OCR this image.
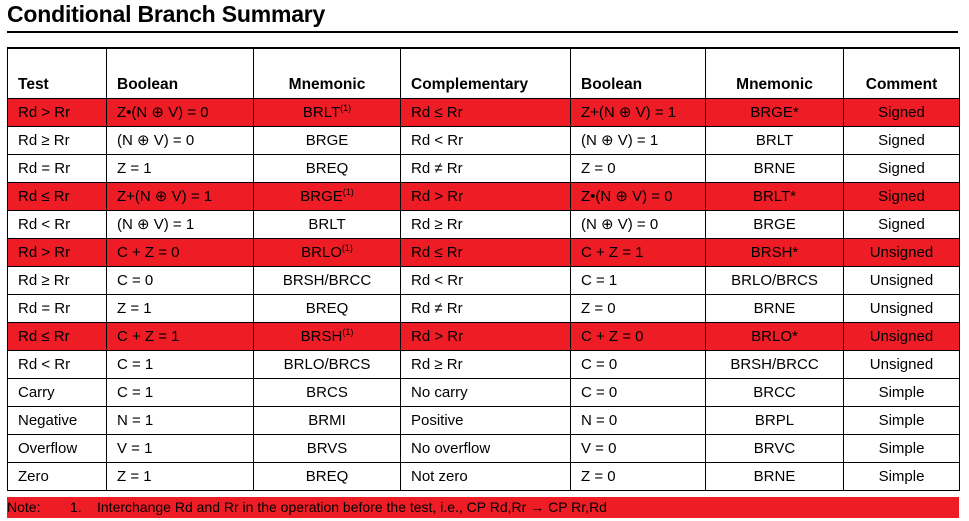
Conditional Branch Summary
Test	Boolean	Mnemonic	Complementary	Boolean	Mnemonic	Comment
Rd > Rr	Z•(N ⊕ V) = 0	BRLT$^{(1)}$	Rd ≤ Rr	Z+(N ⊕ V) = 1	BRGE*	Signed
Rd ≥ Rr	(N ⊕ V) = 0	BRGE	Rd < Rr	(N ⊕ V) = 1	BRLT	Signed
Rd = Rr	Z = 1	BREQ	Rd ≠ Rr	Z = 0	BRNE	Signed
Rd ≤ Rr	Z+(N ⊕ V) = 1	BRGE$^{(1)}$	Rd > Rr	Z•(N ⊕ V) = 0	BRLT*	Signed
Rd < Rr	(N ⊕ V) = 1	BRLT	Rd ≥ Rr	(N ⊕ V) = 0	BRGE	Signed
Rd > Rr	C + Z = 0	BRLO$^{(1)}$	Rd ≤ Rr	C + Z = 1	BRSH*	Unsigned
Rd ≥ Rr	C = 0	BRSH/BRCC	Rd < Rr	C = 1	BRLO/BRCS	Unsigned
Rd = Rr	Z = 1	BREQ	Rd ≠ Rr	Z = 0	BRNE	Unsigned
Rd ≤ Rr	C + Z = 1	BRSH$^{(1)}$	Rd > Rr	C + Z = 0	BRLO*	Unsigned
Rd < Rr	C = 1	BRLO/BRCS	Rd ≥ Rr	C = 0	BRSH/BRCC	Unsigned
Carry	C = 1	BRCS	No carry	C = 0	BRCC	Simple
Negative	N = 1	BRMI	Positive	N = 0	BRPL	Simple
Overflow	V = 1	BRVS	No overflow	V = 0	BRVC	Simple
Zero	Z = 1	BREQ	Not zero	Z = 0	BRNE	Simple
Note: 1. Interchange Rd and Rr in the operation before the test, i.e., CP Rd,Rr → CP Rr,Rd
